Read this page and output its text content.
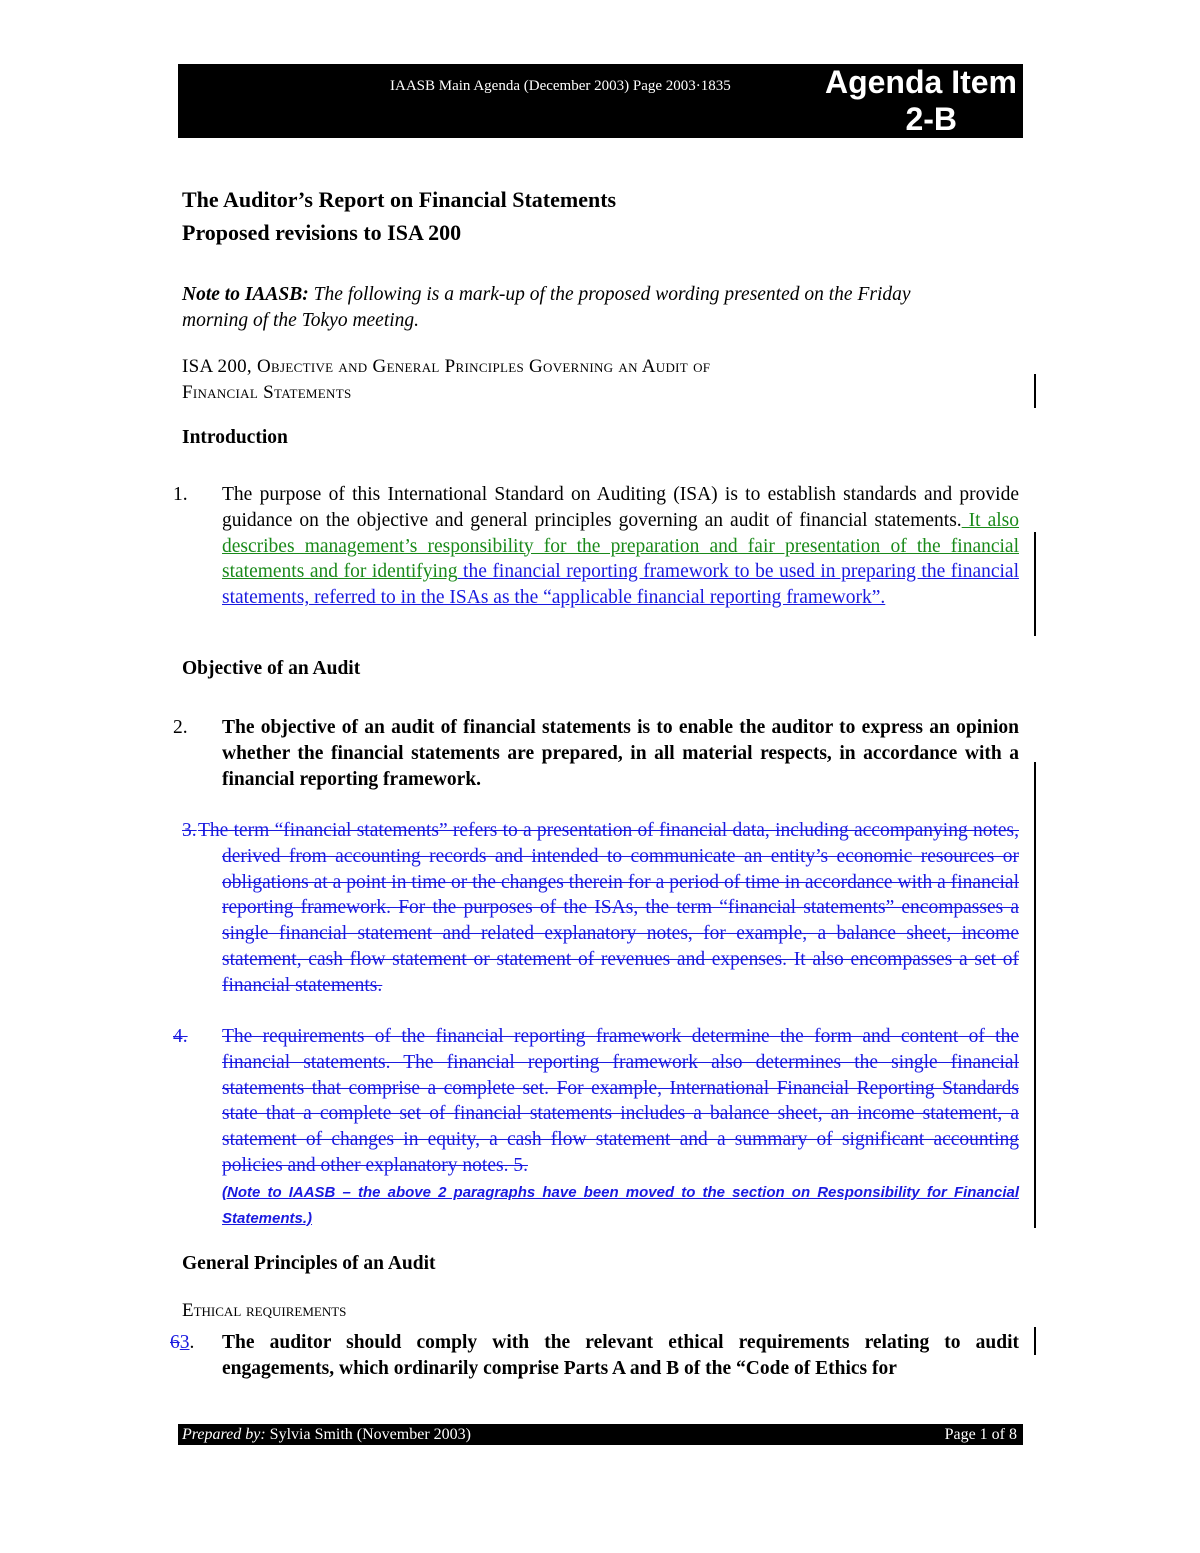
IAASB Main Agenda (December 2003) Page 2003·1835	Agenda Item
2-B
The Auditor’s Report on Financial Statements
Proposed revisions to ISA 200
Note to IAASB: The following is a mark-up of the proposed wording presented on the Friday
morning of the Tokyo meeting.
ISA 200, Objective and General Principles Governing an Audit of
Financial Statements
Introduction
1. The purpose of this International Standard on Auditing (ISA) is to establish standards and provide guidance on the objective and general principles governing an audit of financial statements. It also describes management’s responsibility for the preparation and fair presentation of the financial statements and for identifying the financial reporting framework to be used in preparing the financial statements, referred to in the ISAs as the “applicable financial reporting framework”.
Objective of an Audit
2. The objective of an audit of financial statements is to enable the auditor to express an opinion whether the financial statements are prepared, in all material respects, in accordance with a financial reporting framework.
3. The term “financial statements” refers to a presentation of financial data, including accompanying notes, derived from accounting records and intended to communicate an entity’s economic resources or obligations at a point in time or the changes therein for a period of time in accordance with a financial reporting framework. For the purposes of the ISAs, the term “financial statements” encompasses a single financial statement and related explanatory notes, for example, a balance sheet, income statement, cash flow statement or statement of revenues and expenses. It also encompasses a set of financial statements.
4. The requirements of the financial reporting framework determine the form and content of the financial statements. The financial reporting framework also determines the single financial statements that comprise a complete set. For example, International Financial Reporting Standards state that a complete set of financial statements includes a balance sheet, an income statement, a statement of changes in equity, a cash flow statement and a summary of significant accounting policies and other explanatory notes. 5.
(Note to IAASB – the above 2 paragraphs have been moved to the section on Responsibility for Financial Statements.)
General Principles of an Audit
Ethical requirements
63. The auditor should comply with the relevant ethical requirements relating to audit engagements, which ordinarily comprise Parts A and B of the “Code of Ethics for
Prepared by: Sylvia Smith (November 2003)	Page 1 of 8
